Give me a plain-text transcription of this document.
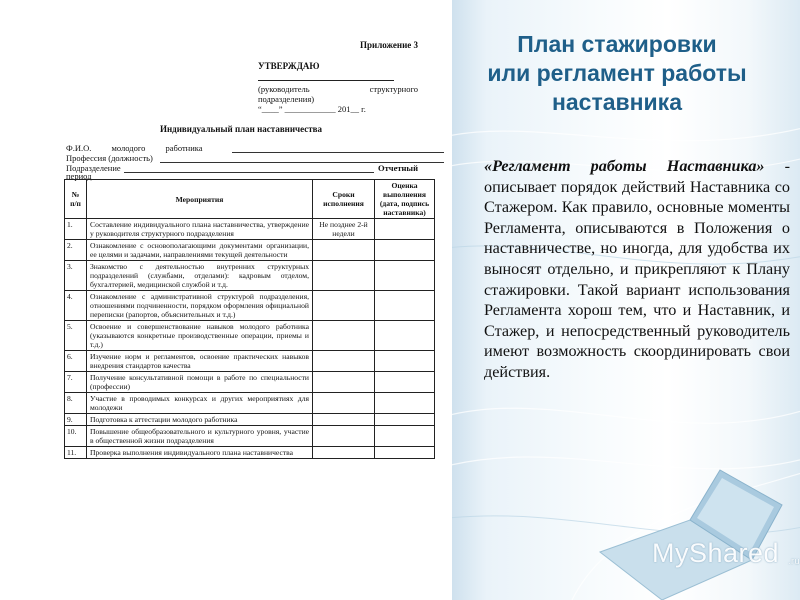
Приложение 3
УТВЕРЖДАЮ
(руководитель структурного
подразделения)
“____” ____________ 201__ г.
Индивидуальный план наставничества
Ф.И.О. молодого работника
Профессия (должность)
Подразделение	Отчетный
период
№ п/п	Мероприятия	Сроки исполнения	Оценка выполнения (дата, подпись наставника)
1.	Составление индивидуального плана наставничества, утверждение у руководителя структурного подразделения	Не позднее 2-й недели	
2.	Ознакомление с основополагающими документами организации, ее целями и задачами, направлениями текущей деятельности		
3.	Знакомство с деятельностью внутренних структурных подразделений (службами, отделами): кадровым отделом, бухгалтерией, медицинской службой и т.д.		
4.	Ознакомление с административной структурой подразделения, отношениями подчиненности, порядком оформления официальной переписки (рапортов, объяснительных и т.д.)		
5.	Освоение и совершенствование навыков молодого работника (указываются конкретные производственные операции, приемы и т.д.)		
6.	Изучение норм и регламентов, освоение практических навыков внедрения стандартов качества		
7.	Получение консультативной помощи в работе по специальности (профессии)		
8.	Участие в проводимых конкурсах и других мероприятиях для молодежи		
9.	Подготовка к аттестации молодого работника		
10.	Повышение общеобразовательного и культурного уровня, участие в общественной жизни подразделения		
11.	Проверка выполнения индивидуального плана наставничества		
План стажировки
или регламент работы
наставника
«Регламент работы Наставника» - описывает порядок действий Наставника со Стажером. Как правило, основные моменты Регламента, описываются в Положения о наставничестве, но иногда, для удобства их выносят отдельно, и прикрепляют к Плану стажировки. Такой вариант использования Регламента хорош тем, что и Наставник, и Стажер, и непосредственный руководитель имеют возможность скоординировать свои действия.
MyShared .ru
